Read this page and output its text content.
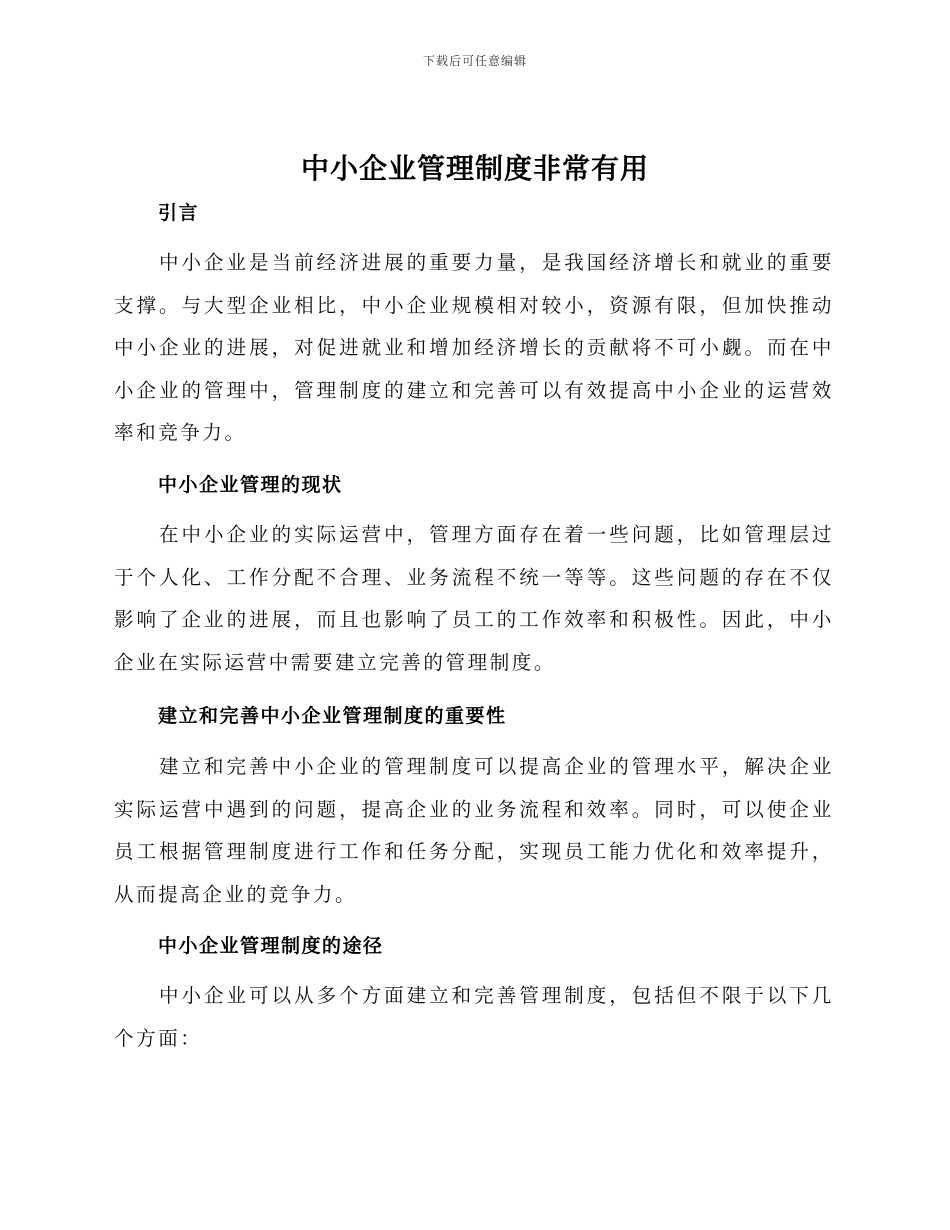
下载后可任意编辑
中小企业管理制度非常有用
引言

中小企业是当前经济进展的重要力量，是我国经济增长和就业的重要支撑。与大型企业相比，中小企业规模相对较小，资源有限，但加快推动中小企业的进展，对促进就业和增加经济增长的贡献将不可小觑。而在中小企业的管理中，管理制度的建立和完善可以有效提高中小企业的运营效率和竞争力。

中小企业管理的现状

在中小企业的实际运营中，管理方面存在着一些问题，比如管理层过于个人化、工作分配不合理、业务流程不统一等等。这些问题的存在不仅影响了企业的进展，而且也影响了员工的工作效率和积极性。因此，中小企业在实际运营中需要建立完善的管理制度。

建立和完善中小企业管理制度的重要性

建立和完善中小企业的管理制度可以提高企业的管理水平，解决企业实际运营中遇到的问题，提高企业的业务流程和效率。同时，可以使企业员工根据管理制度进行工作和任务分配，实现员工能力优化和效率提升，从而提高企业的竞争力。

中小企业管理制度的途径

中小企业可以从多个方面建立和完善管理制度，包括但不限于以下几个方面：
